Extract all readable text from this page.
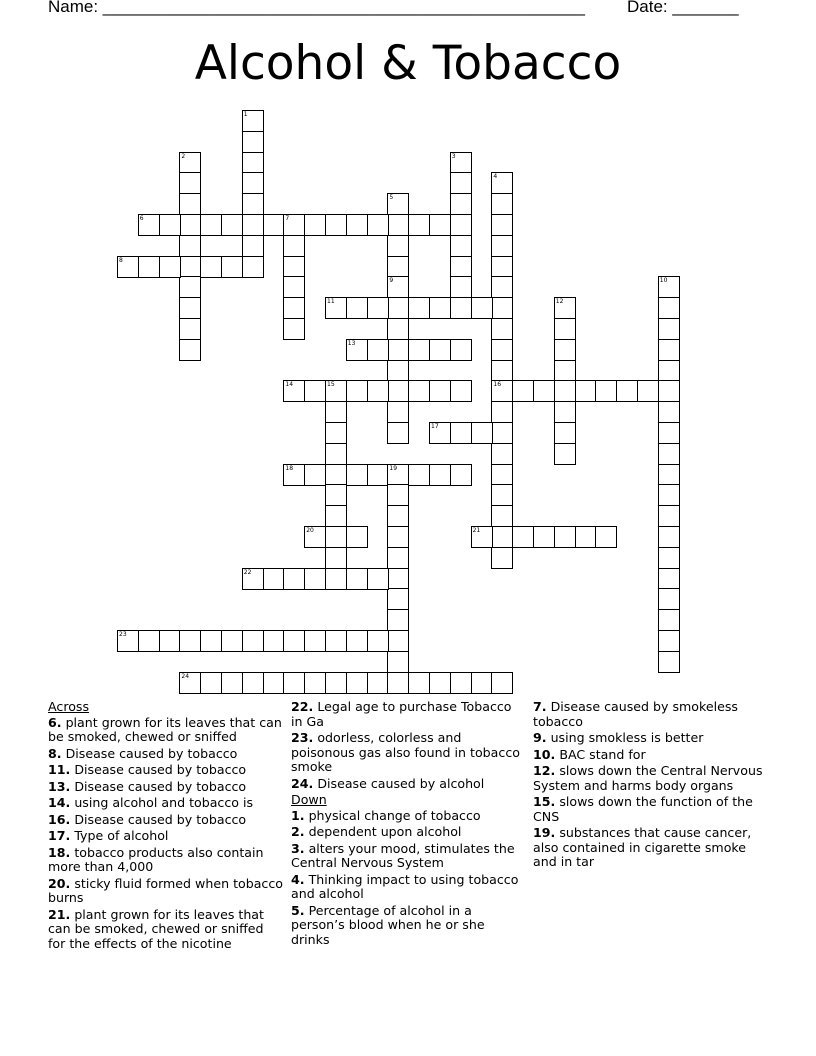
Name: ___________________________________________________ Date: _______
Alcohol & Tobacco
1
2	3
4
16
5
6	7
8
9	10
11	12
13
14	15
17
18	19
20	21
22
23
24
Across
6. plant grown for its leaves that can be smoked, chewed or sniffed
8. Disease caused by tobacco
11. Disease caused by tobacco
13. Disease caused by tobacco
14. using alcohol and tobacco is
16. Disease caused by tobacco
17. Type of alcohol
18. tobacco products also contain more than 4,000
20. sticky fluid formed when tobacco burns
21. plant grown for its leaves that can be smoked, chewed or sniffed for the effects of the nicotine
22. Legal age to purchase Tobacco in Ga
23. odorless, colorless and poisonous gas also found in tobacco smoke
24. Disease caused by alcohol
Down
1. physical change of tobacco
2. dependent upon alcohol
3. alters your mood, stimulates the Central Nervous System
4. Thinking impact to using tobacco and alcohol
5. Percentage of alcohol in a person’s blood when he or she drinks
7. Disease caused by smokeless tobacco
9. using smokless is better
10. BAC stand for
12. slows down the Central Nervous System and harms body organs
15. slows down the function of the CNS
19. substances that cause cancer, also contained in cigarette smoke and in tar
